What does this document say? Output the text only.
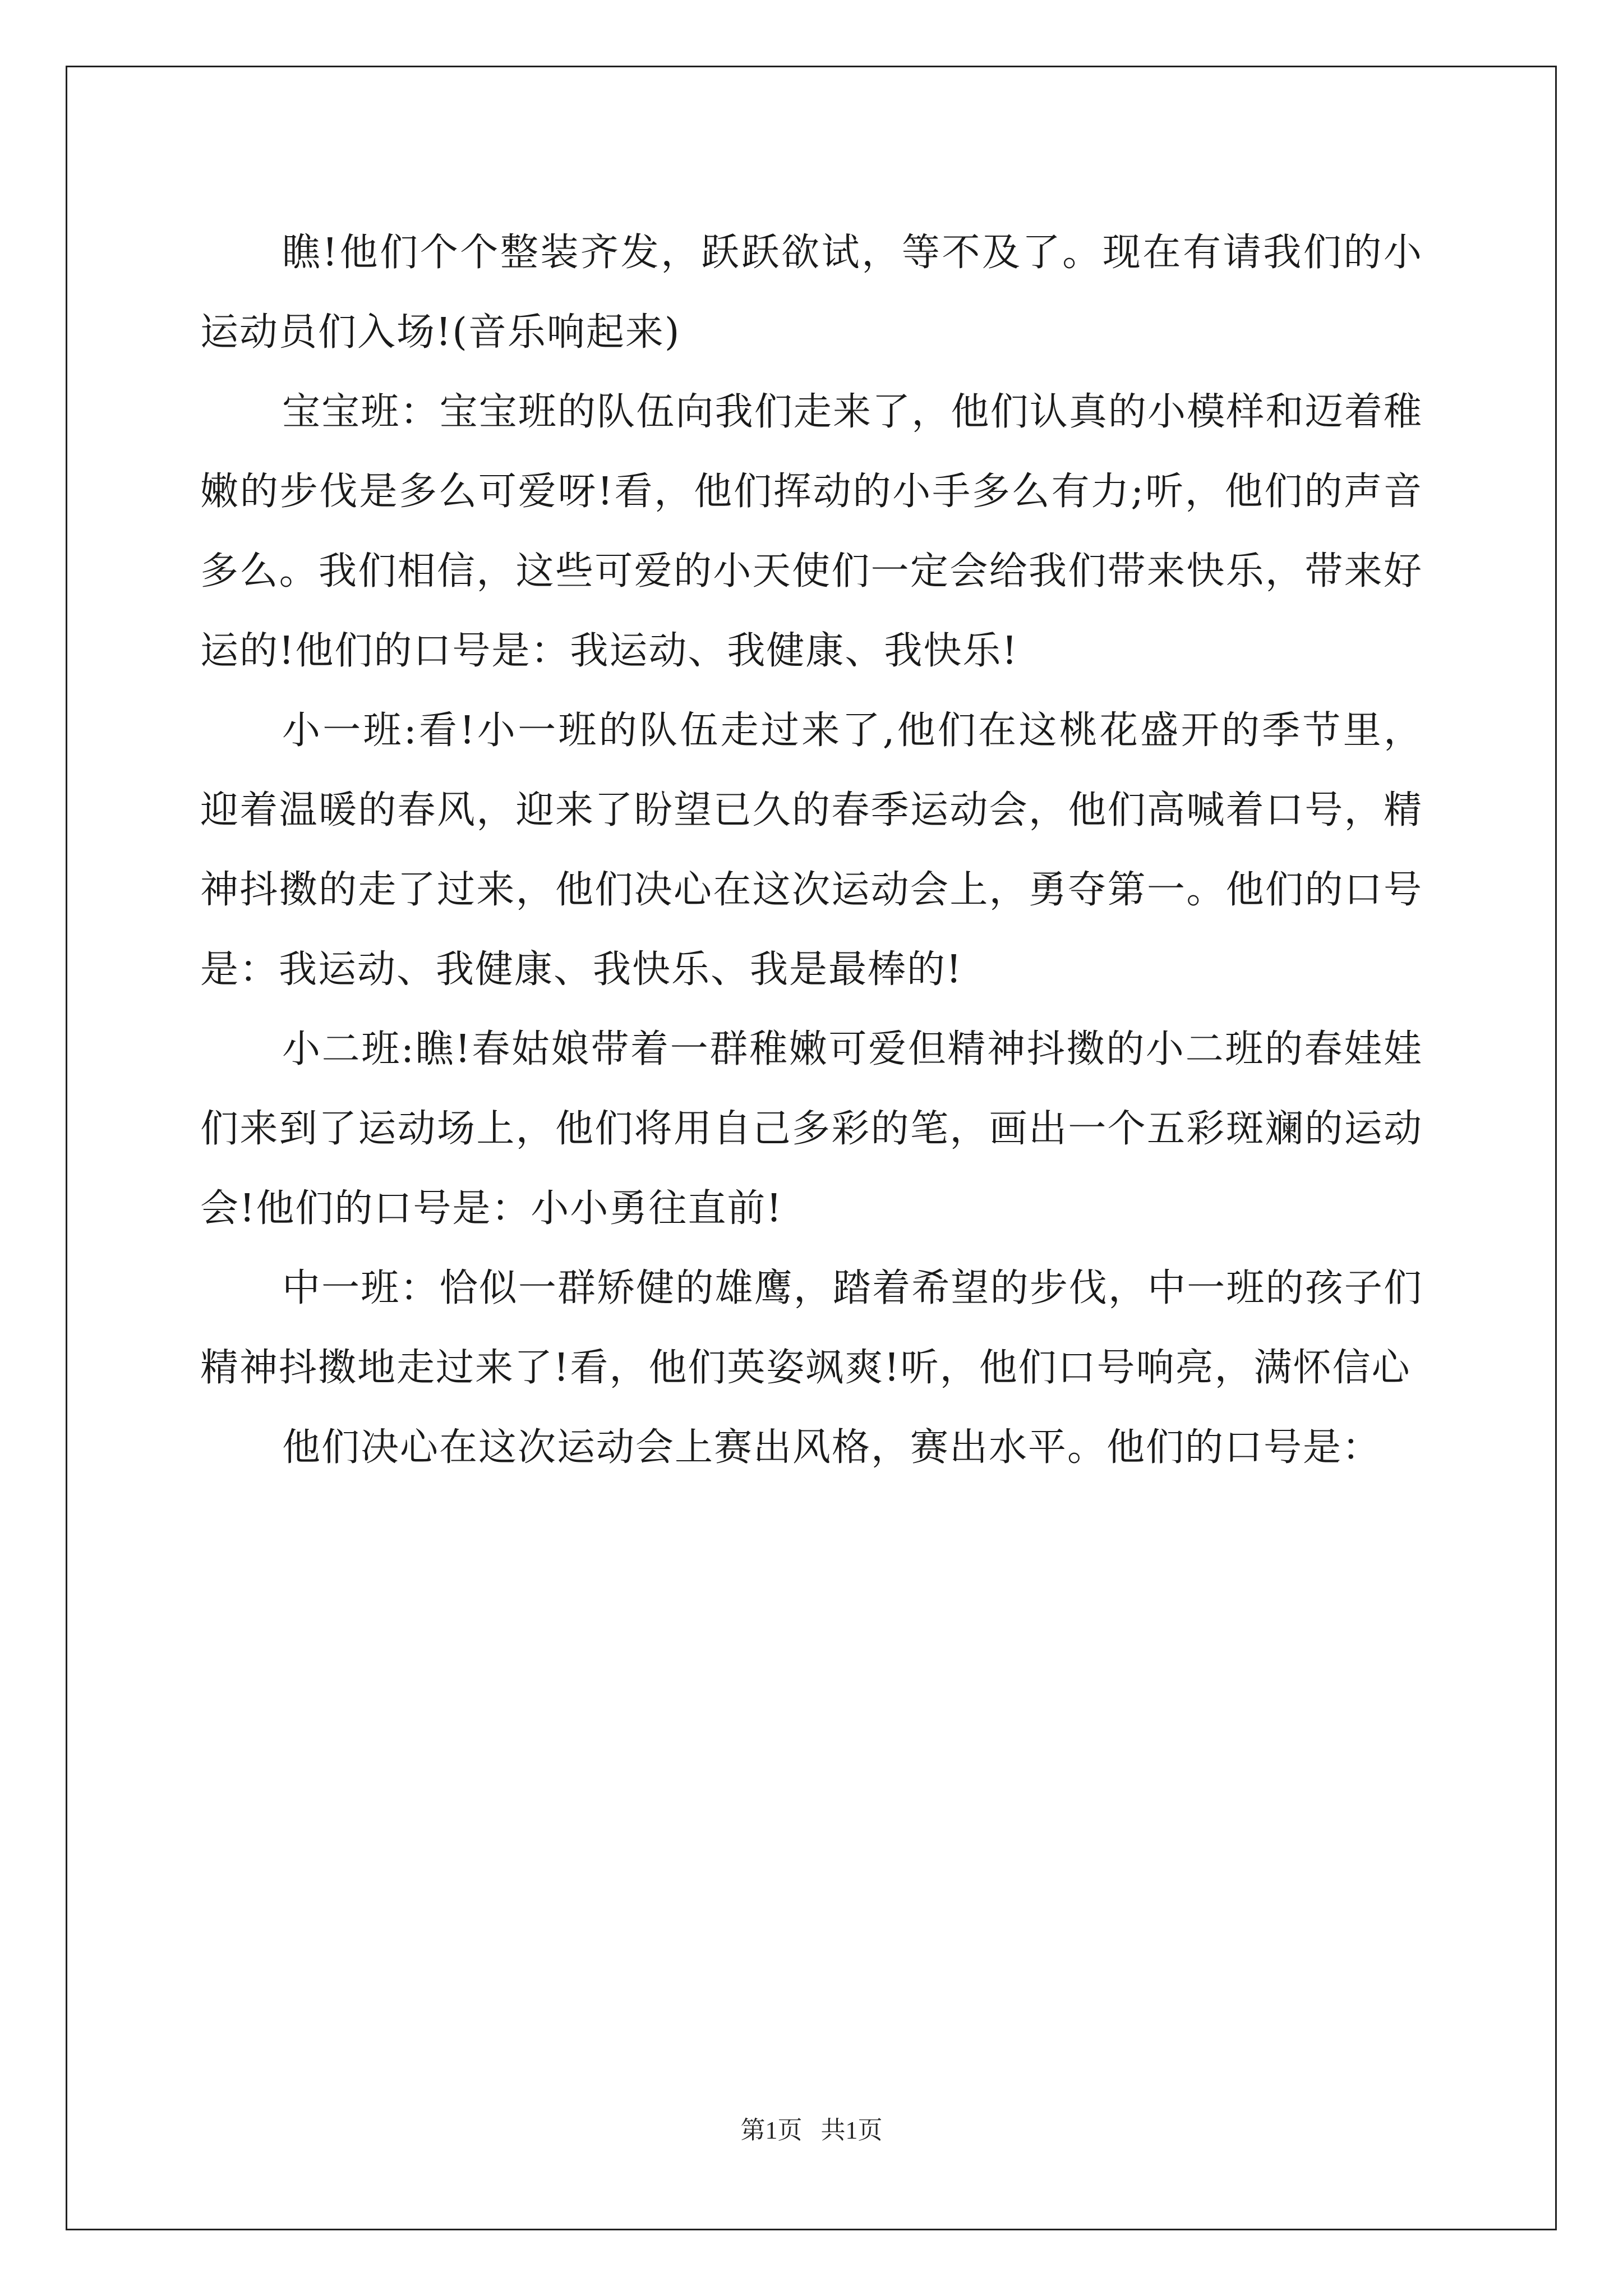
瞧!他们个个整装齐发，跃跃欲试，等不及了。现在有请我们的小运动员们入场!(音乐响起来)

宝宝班：宝宝班的队伍向我们走来了，他们认真的小模样和迈着稚嫩的步伐是多么可爱呀!看，他们挥动的小手多么有力;听，他们的声音多么。我们相信，这些可爱的小天使们一定会给我们带来快乐，带来好运的!他们的口号是：我运动、我健康、我快乐!

小一班:看!小一班的队伍走过来了,他们在这桃花盛开的季节里，迎着温暖的春风，迎来了盼望已久的春季运动会，他们高喊着口号，精神抖擞的走了过来，他们决心在这次运动会上，勇夺第一。他们的口号是：我运动、我健康、我快乐、我是最棒的!

小二班:瞧!春姑娘带着一群稚嫩可爱但精神抖擞的小二班的春娃娃们来到了运动场上，他们将用自己多彩的笔，画出一个五彩斑斓的运动会!他们的口号是：小小勇往直前!

中一班：恰似一群矫健的雄鹰，踏着希望的步伐，中一班的孩子们精神抖擞地走过来了!看，他们英姿飒爽!听，他们口号响亮，满怀信心

他们决心在这次运动会上赛出风格，赛出水平。他们的口号是：

第1页   共1页
